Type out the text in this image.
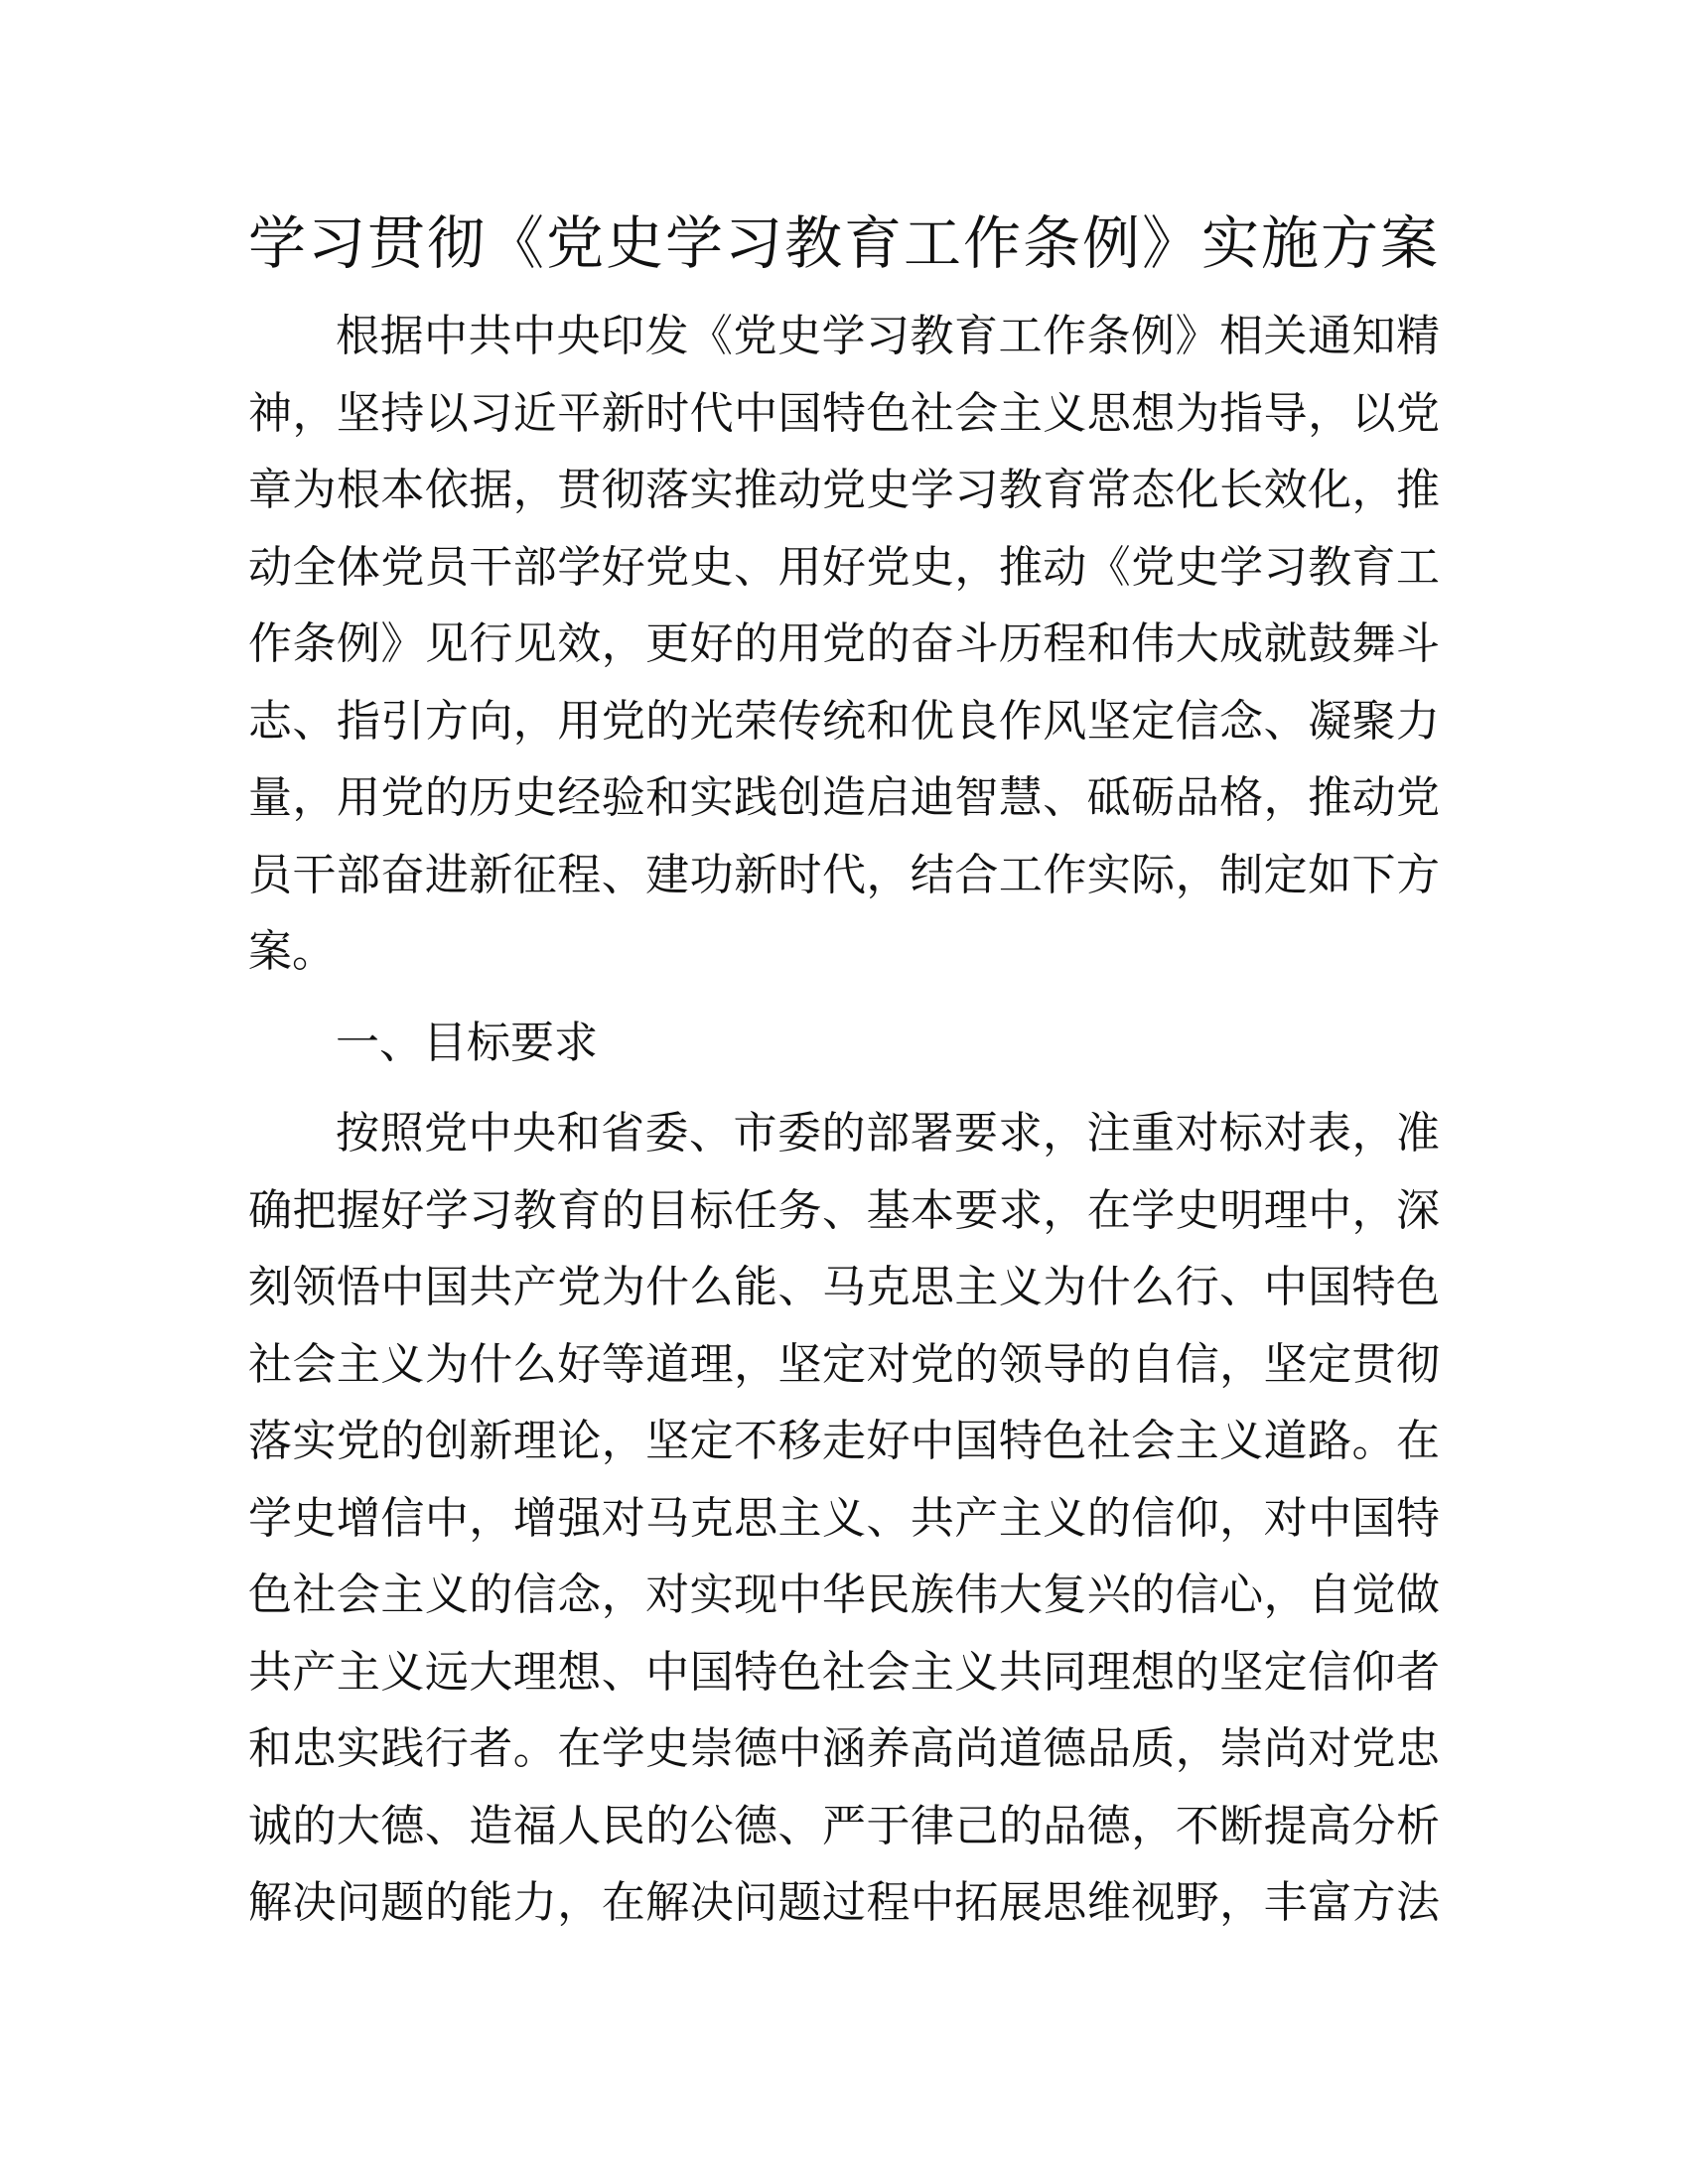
学习贯彻《党史学习教育工作条例》实施方案
根据中共中央印发《党史学习教育工作条例》相关通知精
神，坚持以习近平新时代中国特色社会主义思想为指导，以党
章为根本依据，贯彻落实推动党史学习教育常态化长效化，推
动全体党员干部学好党史、用好党史，推动《党史学习教育工
作条例》见行见效，更好的用党的奋斗历程和伟大成就鼓舞斗
志、指引方向，用党的光荣传统和优良作风坚定信念、凝聚力
量，用党的历史经验和实践创造启迪智慧、砥砺品格，推动党
员干部奋进新征程、建功新时代，结合工作实际，制定如下方
案。
一、目标要求
按照党中央和省委、市委的部署要求，注重对标对表，准
确把握好学习教育的目标任务、基本要求，在学史明理中，深
刻领悟中国共产党为什么能、马克思主义为什么行、中国特色
社会主义为什么好等道理，坚定对党的领导的自信，坚定贯彻
落实党的创新理论，坚定不移走好中国特色社会主义道路。在
学史增信中，增强对马克思主义、共产主义的信仰，对中国特
色社会主义的信念，对实现中华民族伟大复兴的信心，自觉做
共产主义远大理想、中国特色社会主义共同理想的坚定信仰者
和忠实践行者。在学史崇德中涵养高尚道德品质，崇尚对党忠
诚的大德、造福人民的公德、严于律己的品德，不断提高分析
解决问题的能力，在解决问题过程中拓展思维视野，丰富方法
